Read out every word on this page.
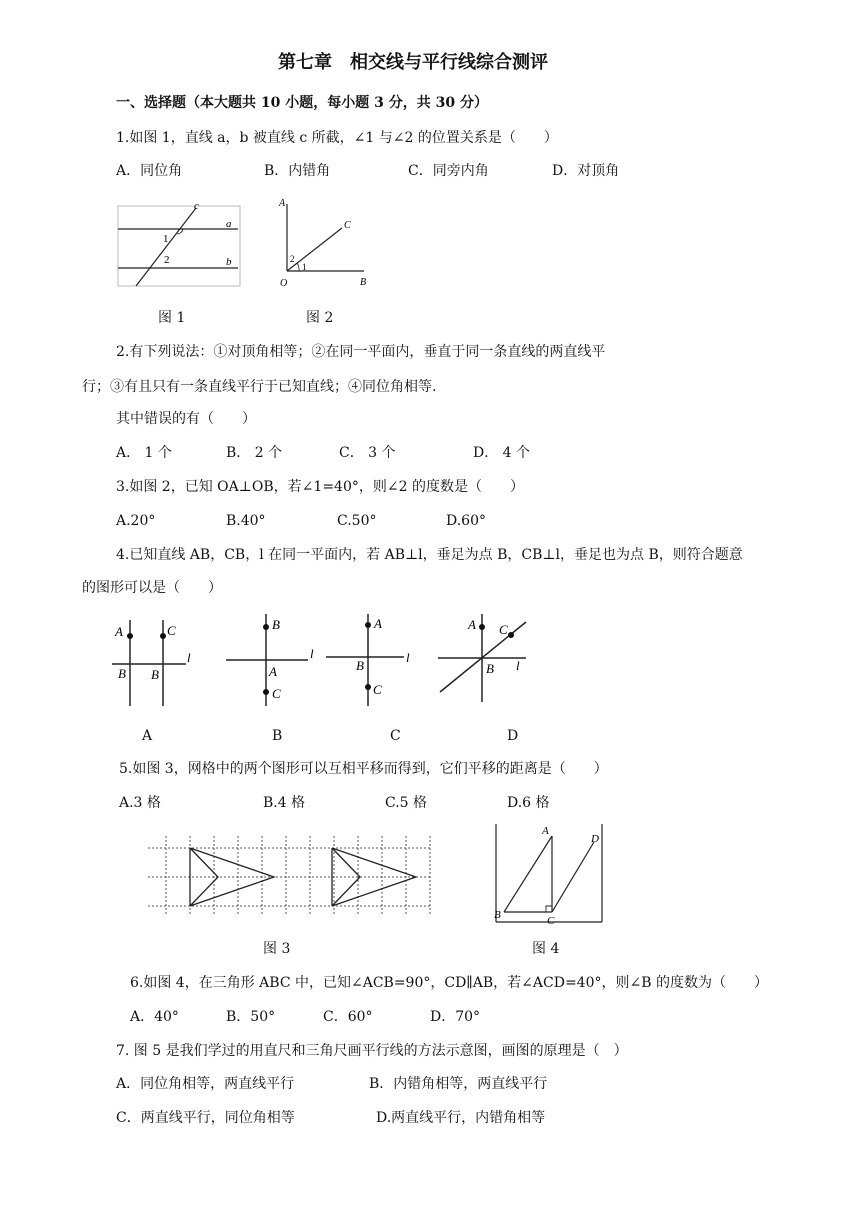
第七章　相交线与平行线综合测评
一、选择题（本大题共 10 小题，每小题 3 分，共 30 分）
1.如图 1，直线 a，b 被直线 c 所截，∠1 与∠2 的位置关系是（　　）
A．同位角	B．内错角	C．同旁内角	D．对顶角
c
a
b
1
2
图 1
A
C
O	B
1
2
图 2
2.有下列说法：①对顶角相等；②在同一平面内，垂直于同一条直线的两直线平
行；③有且只有一条直线平行于已知直线；④同位角相等.
其中错误的有（　　）
A． 1 个	B． 2 个	C． 3 个	D． 4 个
3.如图 2，已知 OA⊥OB，若∠1=40°，则∠2 的度数是（　　）
A.20°	B.40°	C.50°	D.60°
4.已知直线 AB，CB，l 在同一平面内，若 AB⊥l，垂足为点 B，CB⊥l，垂足也为点 B，则符合题意
的图形可以是（　　）
A	C
B B
l
A
B
A
C
l
B
A
B
C
l
C
A C
B l
D
5.如图 3，网格中的两个图形可以互相平移而得到，它们平移的距离是（　　）
A.3 格	B.4 格	C.5 格	D.6 格
图 3
A
B	C
D
图 4
6.如图 4，在三角形 ABC 中，已知∠ACB=90°，CD∥AB，若∠ACD=40°，则∠B 的度数为（　　）
A．40°	B．50°	C．60°	D．70°
7. 图 5 是我们学过的用直尺和三角尺画平行线的方法示意图，画图的原理是（　）
A．同位角相等，两直线平行	B．内错角相等，两直线平行
C．两直线平行，同位角相等	D.两直线平行，内错角相等
